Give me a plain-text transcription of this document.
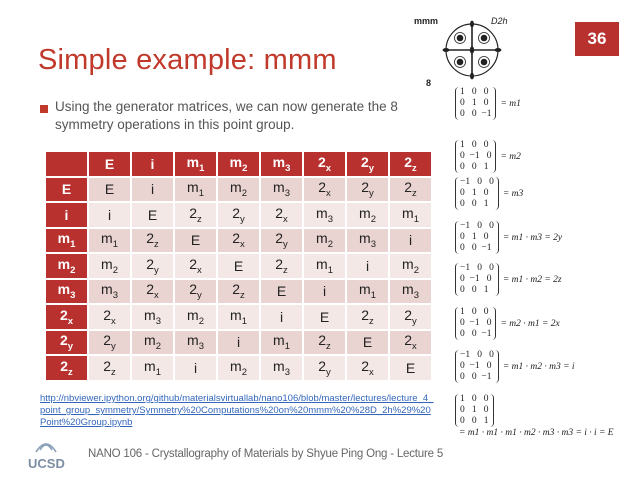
Simple example: mmm
36
mmm	D2h
8
Using the generator matrices, we can now generate the 8 symmetry operations in this point group.
	E	i	$m_1$	$m_2$	$m_3$	$2_x$	$2_y$	$2_z$
E	E	i	$m_1$	$m_2$	$m_3$	$2_x$	$2_y$	$2_z$
i	i	E	$2_z$	$2_y$	$2_x$	$m_3$	$m_2$	$m_1$
$m_1$	$m_1$	$2_z$	E	$2_x$	$2_y$	$m_2$	$m_3$	i
$m_2$	$m_2$	$2_y$	$2_x$	E	$2_z$	$m_1$	i	$m_2$
$m_3$	$m_3$	$2_x$	$2_y$	$2_z$	E	i	$m_1$	$m_3$
$2_x$	$2_x$	$m_3$	$m_2$	$m_1$	i	E	$2_z$	$2_y$
$2_y$	$2_y$	$m_2$	$m_3$	i	$m_1$	$2_z$	E	$2_x$
$2_z$	$2_z$	$m_1$	i	$m_2$	$m_3$	$2_y$	$2_x$	E
1   0   0
0   1   0
0   0  −1
= m1
1   0   0
0  −1   0
0   0   1
= m2
−1   0   0
0   1   0
0   0   1
= m3
−1   0   0
0   1   0
0   0  −1
= m1 · m3 = 2y
−1   0   0
0  −1   0
0   0   1
= m1 · m2 = 2z
1   0   0
0  −1   0
0   0  −1
= m2 · m1 = 2x
−1   0   0
0  −1   0
0   0  −1
= m1 · m2 · m3 = i
1   0   0
0   1   0
0   0   1
= m1 · m1 · m1 · m2 · m3 · m3 = i · i = E
http://nbviewer.ipython.org/github/materialsvirtuallab/nano106/blob/master/lectures/lecture_4_point_group_symmetry/Symmetry%20Computations%20on%20mmm%20%28D_2h%29%20Point%20Group.ipynb
UCSD
NANO 106 - Crystallography of Materials by Shyue Ping Ong - Lecture 5
